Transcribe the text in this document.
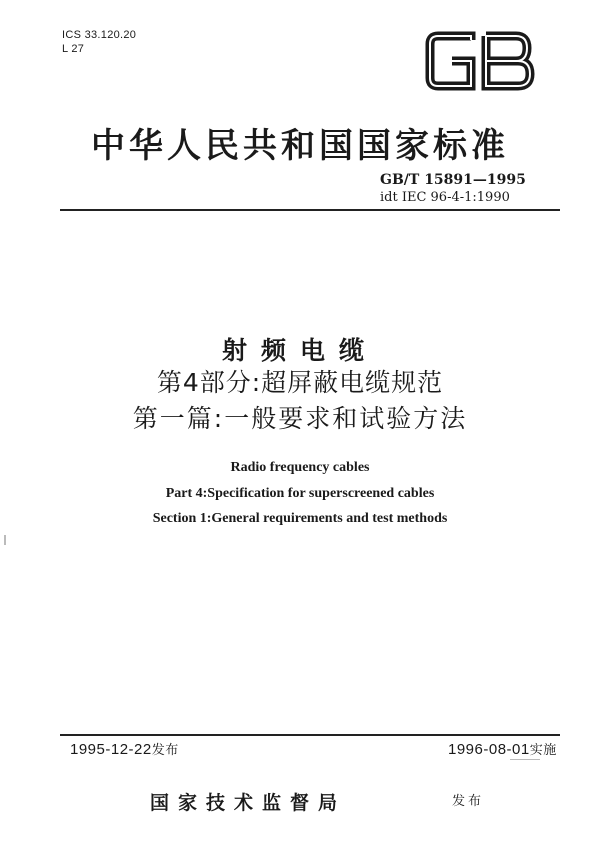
ICS 33.120.20
L 27
中华人民共和国国家标准
GB/T 15891—1995
idt IEC 96-4-1:1990
射频电缆
第4部分:超屏蔽电缆规范
第一篇:一般要求和试验方法
Radio frequency cables
Part 4:Specification for superscreened cables
Section 1:General requirements and test methods
1995-12-22发布	1996-08-01实施
国家技术监督局	发布
